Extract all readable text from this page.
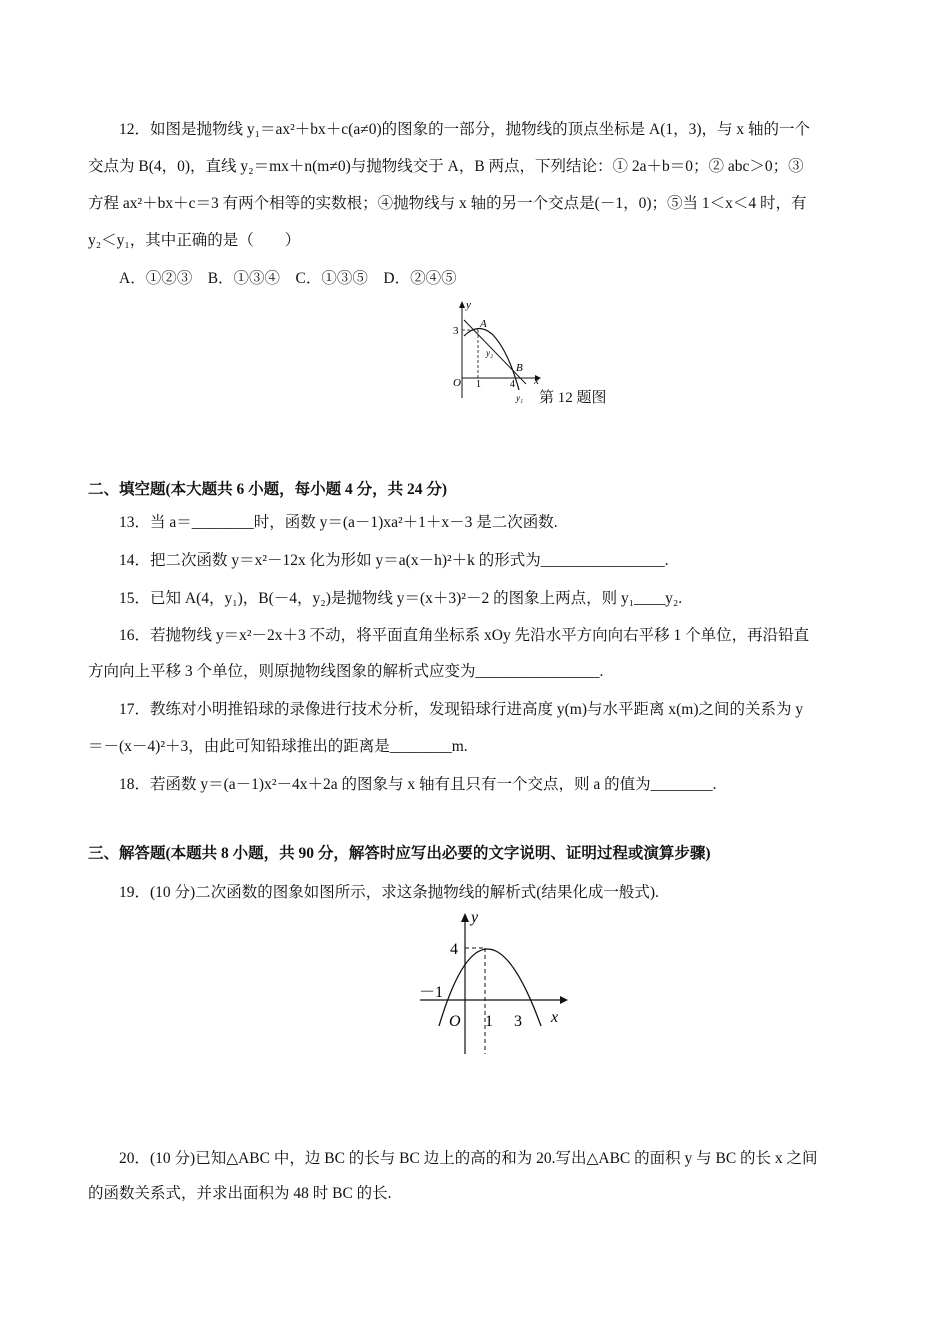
12．如图是抛物线 y₁＝ax²＋bx＋c(a≠0)的图象的一部分，抛物线的顶点坐标是 A(1，3)，与 x 轴的一个
交点为 B(4，0)，直线 y₂＝mx＋n(m≠0)与抛物线交于 A，B 两点，下列结论：① 2a＋b＝0；② abc＞0；③
方程 ax²＋bx＋c＝3 有两个相等的实数根；④抛物线与 x 轴的另一个交点是(－1，0)；⑤当 1＜x＜4 时，有
y₂＜y₁，其中正确的是（　　）
A．①②③　B．①③④　C．①③⑤　D．②④⑤
y
x
O
A
B
3
1	4
y₂
y₁ 第 12 题图
二、填空题(本大题共 6 小题，每小题 4 分，共 24 分)
13．当 a＝________时，函数 y＝(a－1)xa²＋1＋x－3 是二次函数.
14．把二次函数 y＝x²－12x 化为形如 y＝a(x－h)²＋k 的形式为________________.
15．已知 A(4，y₁)，B(－4，y₂)是抛物线 y＝(x＋3)²－2 的图象上两点，则 y₁____y₂.
16．若抛物线 y＝x²－2x＋3 不动，将平面直角坐标系 xOy 先沿水平方向向右平移 1 个单位，再沿铅直
方向向上平移 3 个单位，则原抛物线图象的解析式应变为________________.
17．教练对小明推铅球的录像进行技术分析，发现铅球行进高度 y(m)与水平距离 x(m)之间的关系为 y
＝－(x－4)²＋3，由此可知铅球推出的距离是________m.
18．若函数 y＝(a－1)x²－4x＋2a 的图象与 x 轴有且只有一个交点，则 a 的值为________.
三、解答题(本题共 8 小题，共 90 分，解答时应写出必要的文字说明、证明过程或演算步骤)
19．(10 分)二次函数的图象如图所示，求这条抛物线的解析式(结果化成一般式).
y
x
O
4
－1
1 3
20．(10 分)已知△ABC 中，边 BC 的长与 BC 边上的高的和为 20.写出△ABC 的面积 y 与 BC 的长 x 之间
的函数关系式，并求出面积为 48 时 BC 的长.
